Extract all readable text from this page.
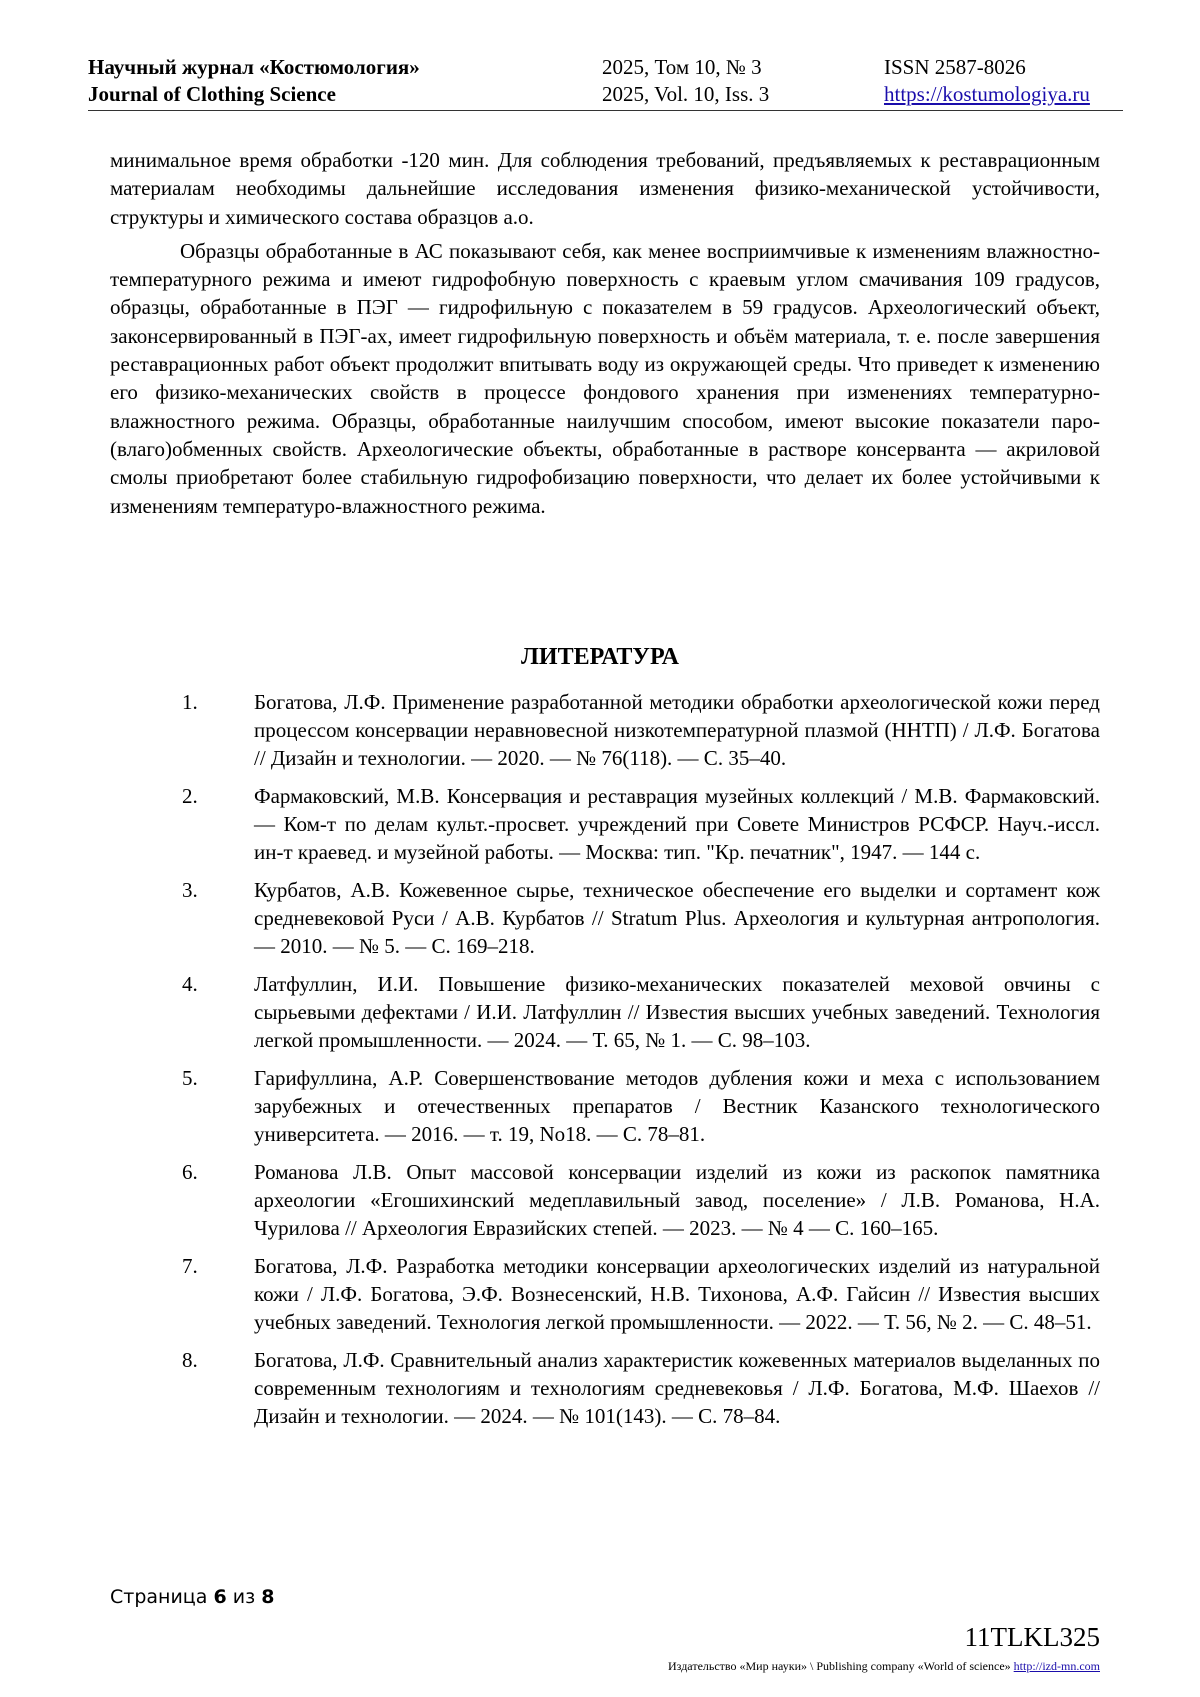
Научный журнал «Костюмология»
Journal of Clothing Science
2025, Том 10, № 3
2025, Vol. 10, Iss. 3
ISSN 2587-8026
https://kostumologiya.ru

минимальное время обработки -120 мин. Для соблюдения требований, предъявляемых к реставрационным материалам необходимы дальнейшие исследования изменения физико-механической устойчивости, структуры и химического состава образцов а.о.

Образцы обработанные в АС показывают себя, как менее восприимчивые к изменениям влажностно-температурного режима и имеют гидрофобную поверхность с краевым углом смачивания 109 градусов, образцы, обработанные в ПЭГ — гидрофильную с показателем в 59 градусов. Археологический объект, законсервированный в ПЭГ-ах, имеет гидрофильную поверхность и объём материала, т. е. после завершения реставрационных работ объект продолжит впитывать воду из окружающей среды. Что приведет к изменению его физико-механических свойств в процессе фондового хранения при изменениях температурно-влажностного режима. Образцы, обработанные наилучшим способом, имеют высокие показатели паро-(влаго)обменных свойств. Археологические объекты, обработанные в растворе консерванта — акриловой смолы приобретают более стабильную гидрофобизацию поверхности, что делает их более устойчивыми к изменениям температуро-влажностного режима.

ЛИТЕРАТУРА
1.	Богатова, Л.Ф. Применение разработанной методики обработки археологической кожи перед процессом консервации неравновесной низкотемпературной плазмой (ННТП) / Л.Ф. Богатова // Дизайн и технологии. — 2020. — № 76(118). — С. 35–40.
2.	Фармаковский, М.В. Консервация и реставрация музейных коллекций / М.В. Фармаковский. — Ком-т по делам культ.-просвет. учреждений при Совете Министров РСФСР. Науч.-иссл. ин-т краевед. и музейной работы. — Москва: тип. "Кр. печатник", 1947. — 144 с.
3.	Курбатов, А.В. Кожевенное сырье, техническое обеспечение его выделки и сортамент кож средневековой Руси / А.В. Курбатов // Stratum Plus. Археология и культурная антропология. — 2010. — № 5. — С. 169–218.
4.	Латфуллин, И.И. Повышение физико-механических показателей меховой овчины с сырьевыми дефектами / И.И. Латфуллин // Известия высших учебных заведений. Технология легкой промышленности. — 2024. — Т. 65, № 1. — С. 98–103.
5.	Гарифуллина, А.Р. Совершенствование методов дубления кожи и меха с использованием зарубежных и отечественных препаратов / Вестник Казанского технологического университета. — 2016. — т. 19, No18. — С. 78–81.
6.	Романова Л.В. Опыт массовой консервации изделий из кожи из раскопок памятника археологии «Егошихинский медеплавильный завод, поселение» / Л.В. Романова, Н.А. Чурилова // Археология Евразийских степей. — 2023. — № 4 — С. 160–165.
7.	Богатова, Л.Ф. Разработка методики консервации археологических изделий из натуральной кожи / Л.Ф. Богатова, Э.Ф. Вознесенский, Н.В. Тихонова, А.Ф. Гайсин // Известия высших учебных заведений. Технология легкой промышленности. — 2022. — Т. 56, № 2. — С. 48–51.
8.	Богатова, Л.Ф. Сравнительный анализ характеристик кожевенных материалов выделанных по современным технологиям и технологиям средневековья / Л.Ф. Богатова, М.Ф. Шаехов // Дизайн и технологии. — 2024. — № 101(143). — С. 78–84.
Страница 6 из 8
11TLKL325
Издательство «Мир науки» \ Publishing company «World of science» http://izd-mn.com
